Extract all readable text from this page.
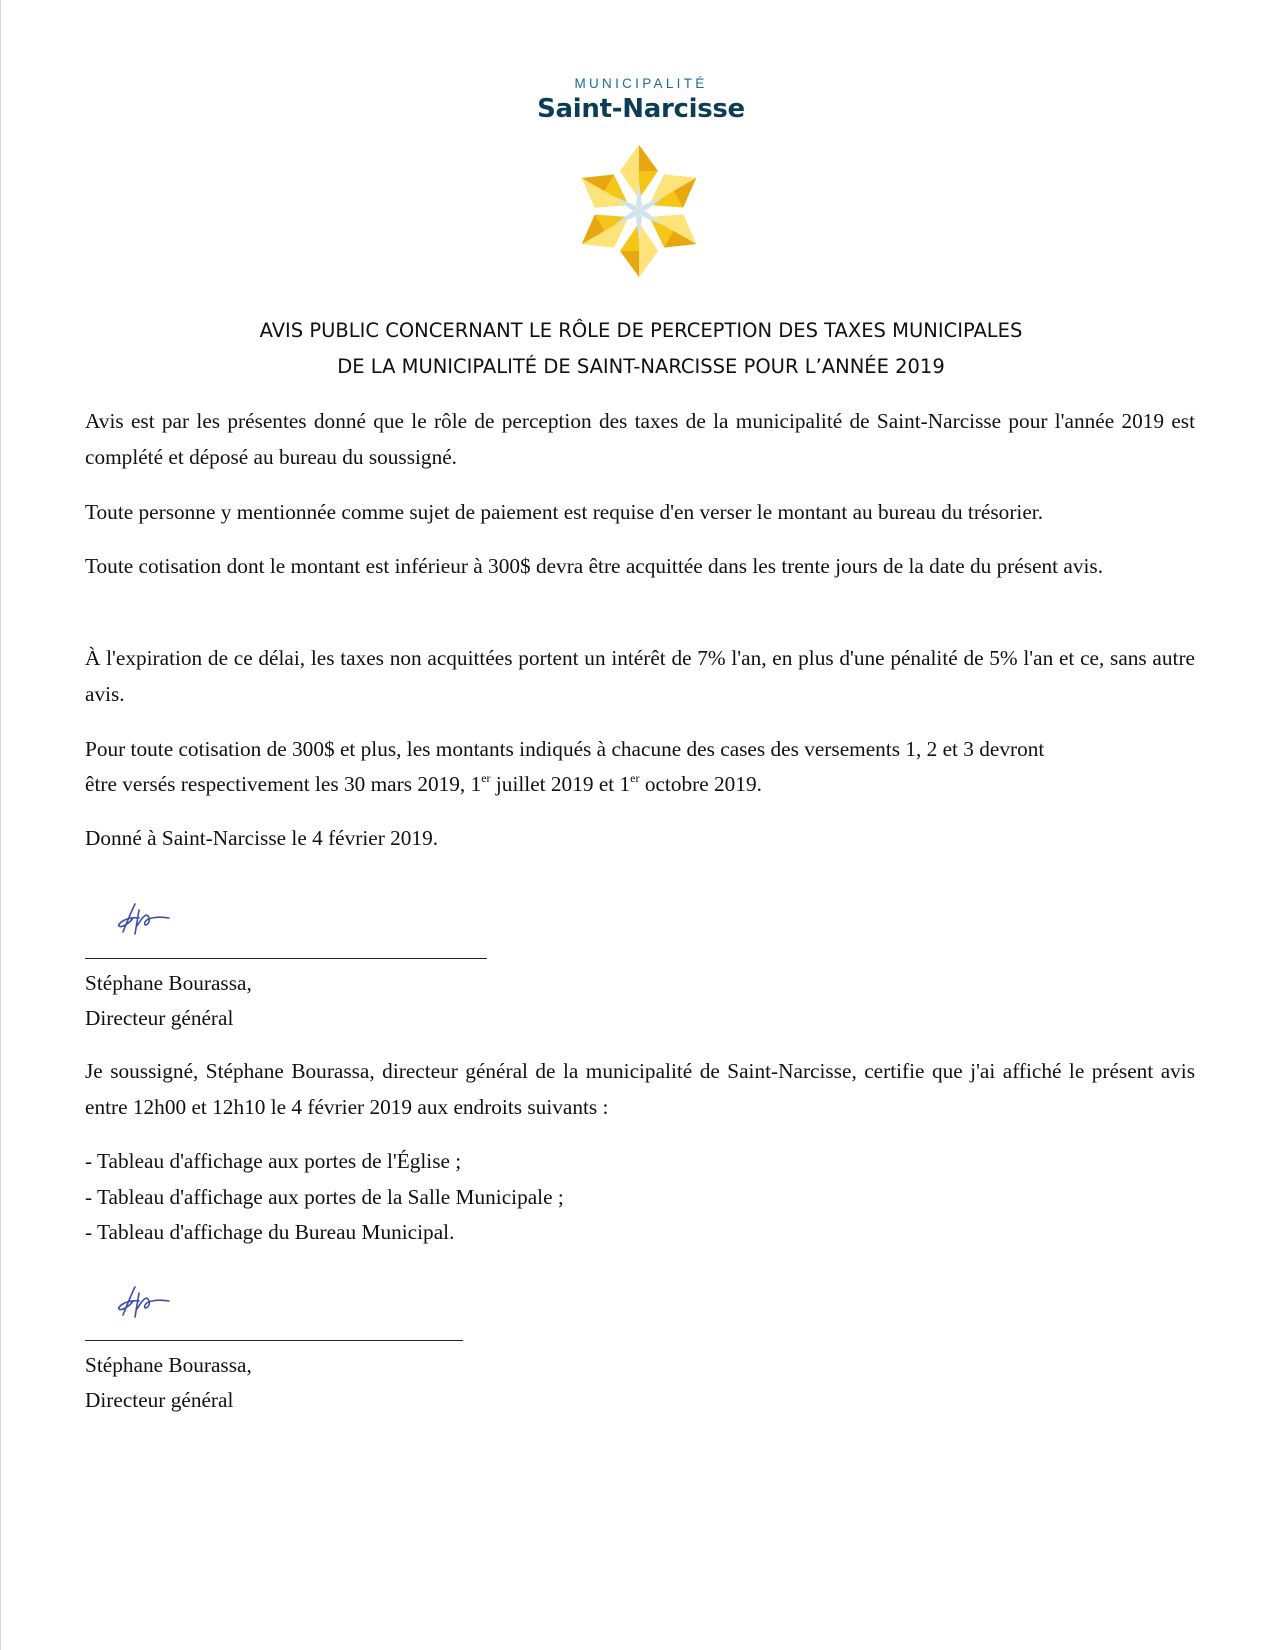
MUNICIPALITÉ

Saint-Narcisse

AVIS PUBLIC CONCERNANT LE RÔLE DE PERCEPTION DES TAXES MUNICIPALES

DE LA MUNICIPALITÉ DE SAINT-NARCISSE POUR L’ANNÉE 2019

Avis est par les présentes donné que le rôle de perception des taxes de la municipalité de Saint-Narcisse pour l'année 2019 est complété et déposé au bureau du soussigné.

Toute personne y mentionnée comme sujet de paiement est requise d'en verser le montant au bureau du trésorier.

Toute cotisation dont le montant est inférieur à 300$ devra être acquittée dans les trente jours de la date du présent avis.

À l'expiration de ce délai, les taxes non acquittées portent un intérêt de 7% l'an, en plus d'une pénalité de 5% l'an et ce, sans autre avis.

Pour toute cotisation de 300$ et plus, les montants indiqués à chacune des cases des versements 1, 2 et 3 devront

être versés respectivement les 30 mars 2019, 1er juillet 2019 et 1er octobre 2019.

Donné à Saint-Narcisse le 4 février 2019.

Stéphane Bourassa,

Directeur général

Je soussigné, Stéphane Bourassa, directeur général de la municipalité de Saint-Narcisse, certifie que j'ai affiché le présent avis entre 12h00 et 12h10 le 4 février 2019 aux endroits suivants :

- Tableau d'affichage aux portes de l'Église ;

- Tableau d'affichage aux portes de la Salle Municipale ;

- Tableau d'affichage du Bureau Municipal.

Stéphane Bourassa,

Directeur général
